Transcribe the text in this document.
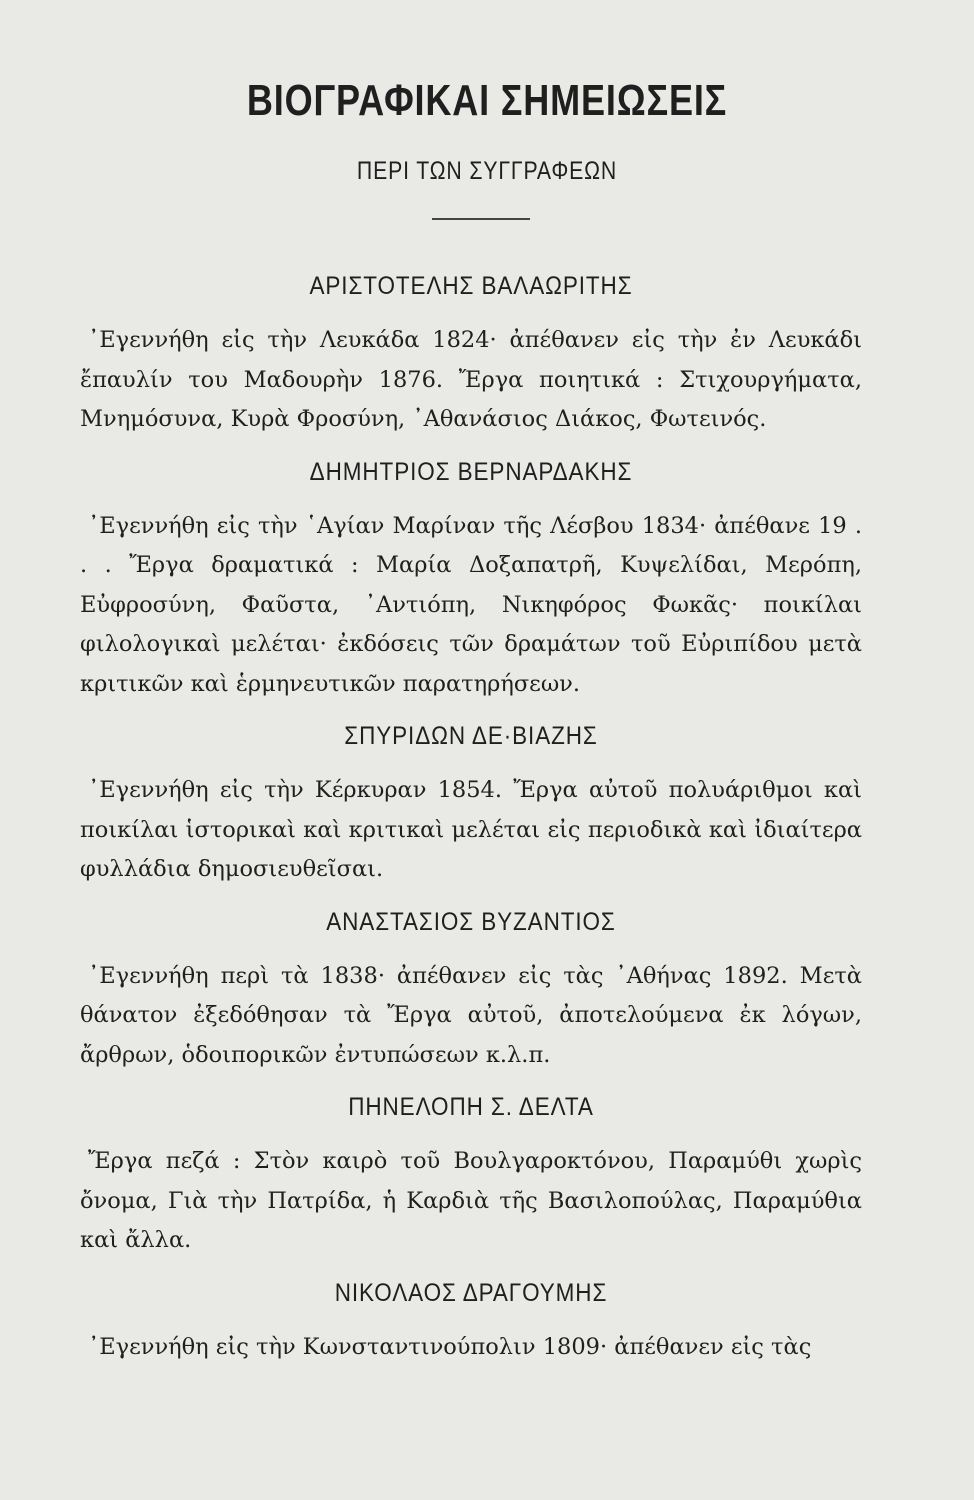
ΒΙΟΓΡΑΦΙΚΑΙ ΣΗΜΕΙΩΣΕΙΣ
ΠΕΡΙ ΤΩΝ ΣΥΓΓΡΑΦΕΩΝ
ΑΡΙΣΤΟΤΕΛΗΣ ΒΑΛΑΩΡΙΤΗΣ

᾿Εγεννήθη εἰς τὴν Λευκάδα 1824· ἀπέθανεν εἰς τὴν ἐν Λευκάδι ἔπαυλίν του Μαδουρὴν 1876. Ἔργα ποιητικά : Στιχουργήματα, Μνημόσυνα, Κυρὰ Φροσύνη, ᾿Αθανάσιος Διάκος, Φωτεινός.

ΔΗΜΗΤΡΙΟΣ ΒΕΡΝΑΡΔΑΚΗΣ

᾿Εγεννήθη εἰς τὴν ῾Αγίαν Μαρίναν τῆς Λέσβου 1834· ἀπέθανε 19 . . . Ἔργα δραματικά : Μαρία Δοξαπατρῆ, Κυψελίδαι, Μερόπη, Εὐφροσύνη, Φαῦστα, ᾿Αντιόπη, Νικηφόρος Φωκᾶς· ποικίλαι φιλολογικαὶ μελέται· ἐκδόσεις τῶν δραμάτων τοῦ Εὐριπίδου μετὰ κριτικῶν καὶ ἑρμηνευτικῶν παρατηρήσεων.

ΣΠΥΡΙΔΩΝ ΔΕ·ΒΙΑΖΗΣ

᾿Εγεννήθη εἰς τὴν Κέρκυραν 1854. Ἔργα αὐτοῦ πολυάριθμοι καὶ ποικίλαι ἱστορικαὶ καὶ κριτικαὶ μελέται εἰς περιοδικὰ καὶ ἰδιαίτερα φυλλάδια δημοσιευθεῖσαι.

ΑΝΑΣΤΑΣΙΟΣ ΒΥΖΑΝΤΙΟΣ

᾿Εγεννήθη περὶ τὰ 1838· ἀπέθανεν εἰς τὰς ᾿Αθήνας 1892. Μετὰ θάνατον ἐξεδόθησαν τὰ Ἔργα αὐτοῦ, ἀποτελούμενα ἐκ λόγων, ἄρθρων, ὁδοιπορικῶν ἐντυπώσεων κ.λ.π.

ΠΗΝΕΛΟΠΗ Σ. ΔΕΛΤΑ

Ἔργα πεζά : Στὸν καιρὸ τοῦ Βουλγαροκτόνου, Παραμύθι χωρὶς ὄνομα, Γιὰ τὴν Πατρίδα, ἡ Καρδιὰ τῆς Βασιλοπούλας, Παραμύθια καὶ ἄλλα.

ΝΙΚΟΛΑΟΣ ΔΡΑΓΟΥΜΗΣ

᾿Εγεννήθη εἰς τὴν Κωνσταντινούπολιν 1809· ἀπέθανεν εἰς τὰς
